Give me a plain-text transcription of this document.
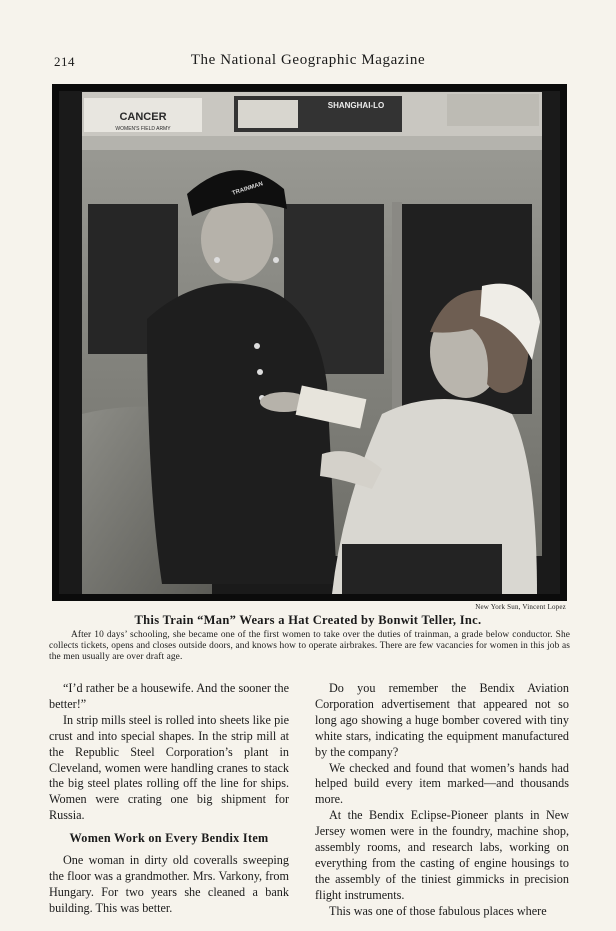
214	The National Geographic Magazine
CANCER
WOMEN'S FIELD ARMY
SHANGHAI-LO
TRAINMAN
New York Sun, Vincent Lopez
This Train “Man” Wears a Hat Created by Bonwit Teller, Inc.
After 10 days’ schooling, she became one of the first women to take over the duties of trainman, a grade below conductor. She collects tickets, opens and closes outside doors, and knows how to operate airbrakes. There are few vacancies for women in this job as the men usually are over draft age.

“I’d rather be a housewife. And the sooner the better!”

In strip mills steel is rolled into sheets like pie crust and into special shapes. In the strip mill at the Republic Steel Corporation’s plant in Cleveland, women were handling cranes to stack the big steel plates rolling off the line for ships. Women were crating one big shipment for Russia.

Women Work on Every Bendix Item

One woman in dirty old coveralls sweeping the floor was a grandmother. Mrs. Varkony, from Hungary. For two years she cleaned a bank building. This was better.

Do you remember the Bendix Aviation Corporation advertisement that appeared not so long ago showing a huge bomber covered with tiny white stars, indicating the equipment manufactured by the company?

We checked and found that women’s hands had helped build every item marked—and thousands more.

At the Bendix Eclipse-Pioneer plants in New Jersey women were in the foundry, machine shop, assembly rooms, and research labs, working on everything from the casting of engine housings to the assembly of the tiniest gimmicks in precision flight instruments.

This was one of those fabulous places where
